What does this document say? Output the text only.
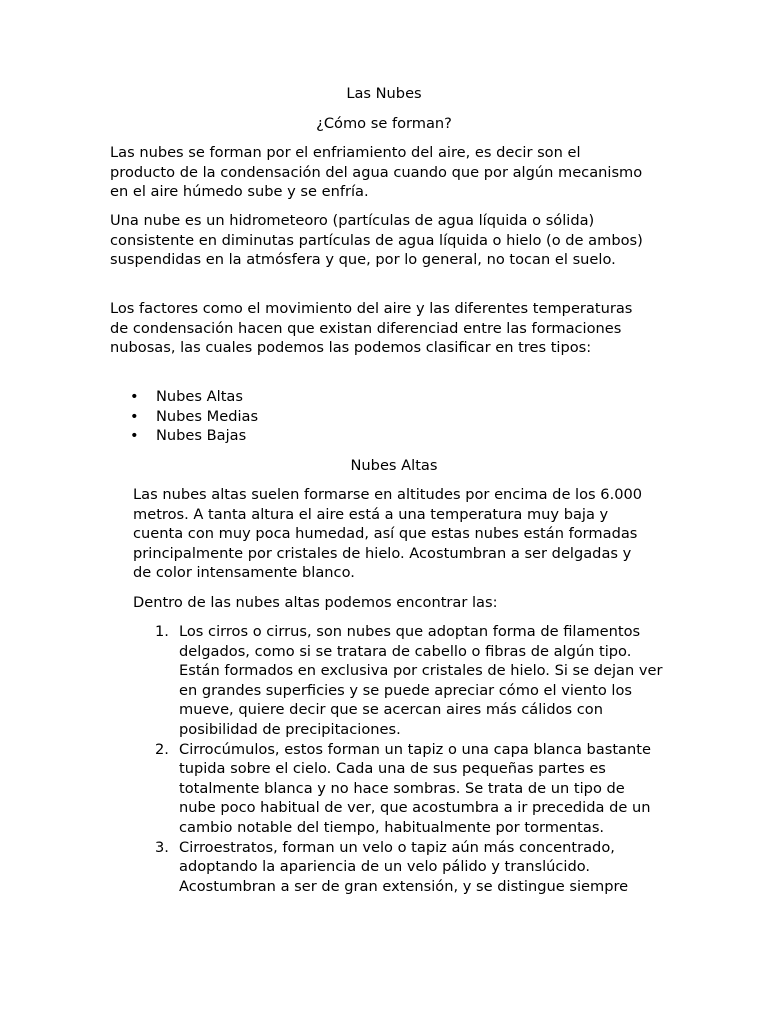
Las Nubes

¿Cómo se forman?

Las nubes se forman por el enfriamiento del aire, es decir son el producto de la condensación del agua cuando que por algún mecanismo en el aire húmedo sube y se enfría.

Una nube es un hidrometeoro (partículas de agua líquida o sólida) consistente en diminutas partículas de agua líquida o hielo (o de ambos) suspendidas en la atmósfera y que, por lo general, no tocan el suelo.

Los factores como el movimiento del aire y las diferentes temperaturas de condensación hacen que existan diferenciad entre las formaciones nubosas, las cuales podemos las podemos clasificar en tres tipos:

• Nubes Altas
• Nubes Medias
• Nubes Bajas

Nubes Altas

Las nubes altas suelen formarse en altitudes por encima de los 6.000 metros. A tanta altura el aire está a una temperatura muy baja y cuenta con muy poca humedad, así que estas nubes están formadas principalmente por cristales de hielo. Acostumbran a ser delgadas y de color intensamente blanco.

Dentro de las nubes altas podemos encontrar las:

1. Los cirros o cirrus, son nubes que adoptan forma de filamentos delgados, como si se tratara de cabello o fibras de algún tipo. Están formados en exclusiva por cristales de hielo. Si se dejan ver en grandes superficies y se puede apreciar cómo el viento los mueve, quiere decir que se acercan aires más cálidos con posibilidad de precipitaciones.
2. Cirrocúmulos, estos forman un tapiz o una capa blanca bastante tupida sobre el cielo. Cada una de sus pequeñas partes es totalmente blanca y no hace sombras. Se trata de un tipo de nube poco habitual de ver, que acostumbra a ir precedida de un cambio notable del tiempo, habitualmente por tormentas.
3. Cirroestratos, forman un velo o tapiz aún más concentrado, adoptando la apariencia de un velo pálido y translúcido. Acostumbran a ser de gran extensión, y se distingue siempre
